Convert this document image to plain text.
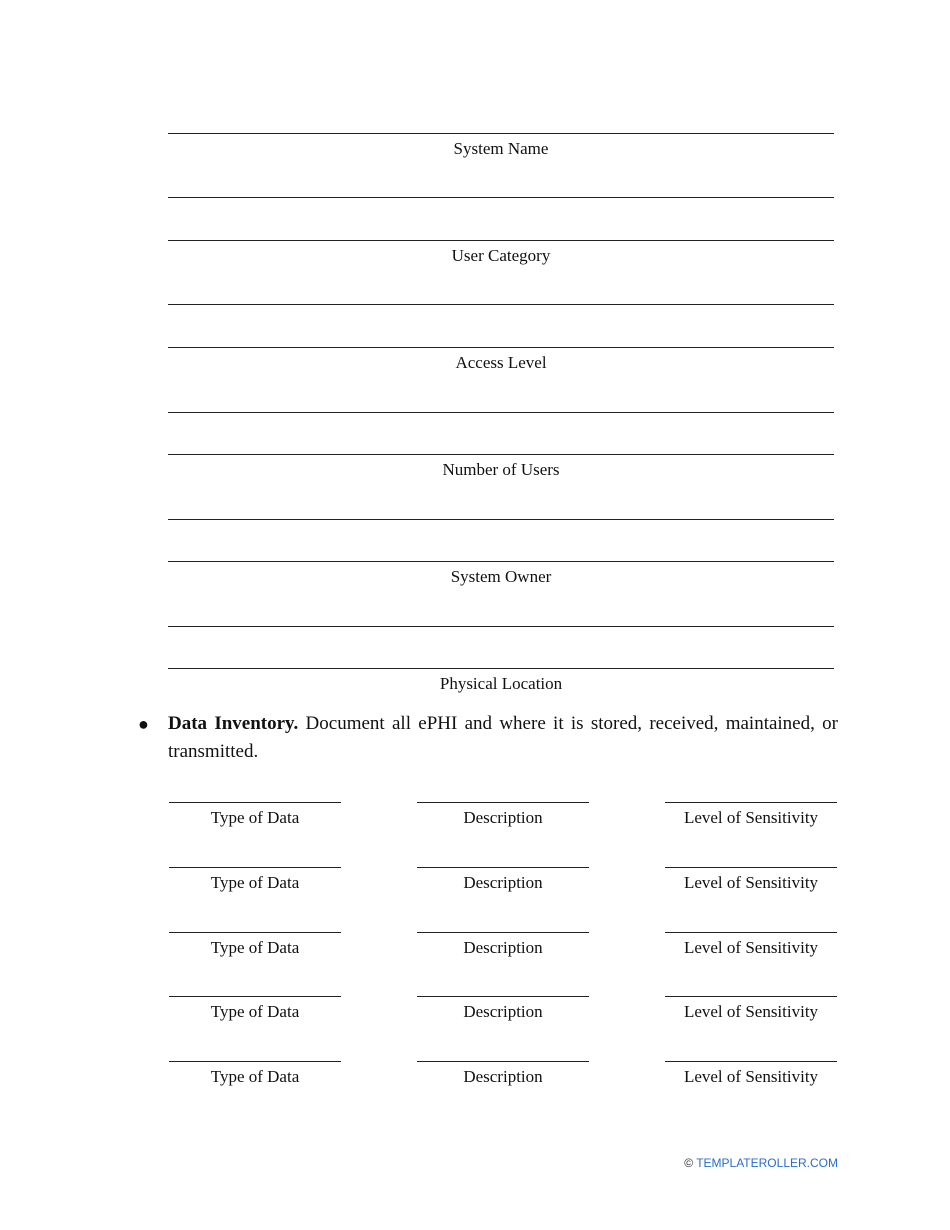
System Name
User Category
Access Level
Number of Users
System Owner
Physical Location
● Data Inventory. Document all ePHI and where it is stored, received, maintained, or transmitted.
Type of Data	Description	Level of Sensitivity
Type of Data	Description	Level of Sensitivity
Type of Data	Description	Level of Sensitivity
Type of Data	Description	Level of Sensitivity
Type of Data	Description	Level of Sensitivity
© TEMPLATEROLLER.COM
